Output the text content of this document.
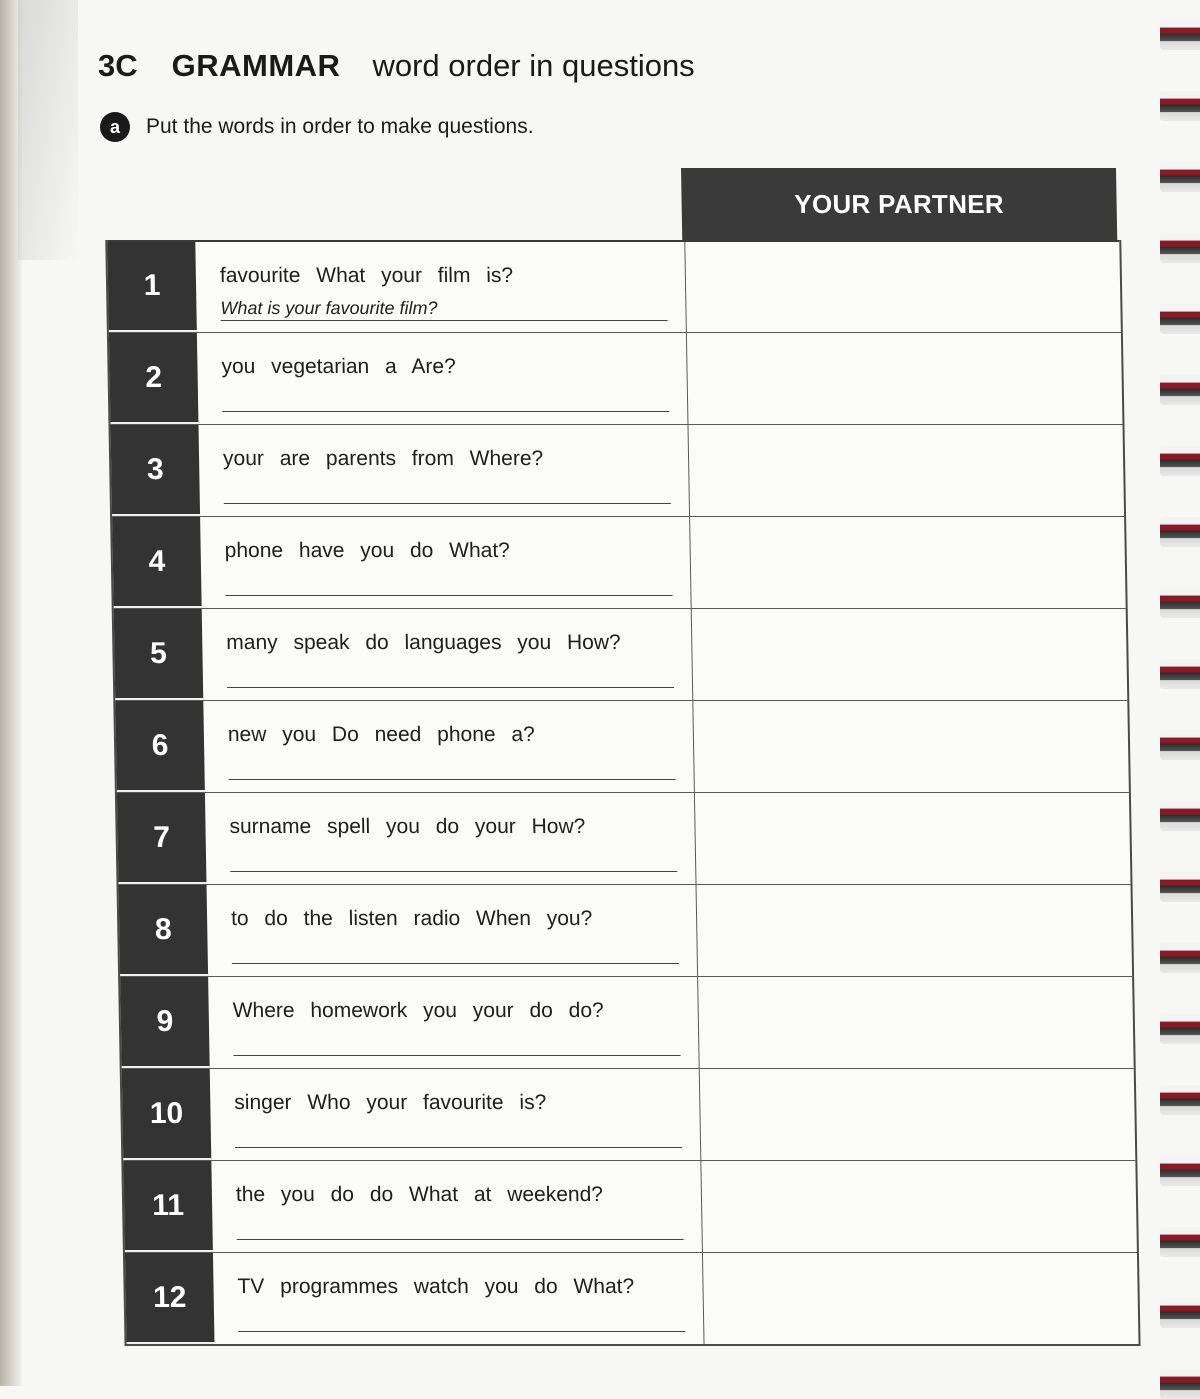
3C GRAMMAR word order in questions
a	Put the words in order to make questions.
YOUR PARTNER
1	favourite What your film is?
What is your favourite film?
2	you vegetarian a Are?
3	your are parents from Where?
4	phone have you do What?
5	many speak do languages you How?
6	new you Do need phone a?
7	surname spell you do your How?
8	to do the listen radio When you?
9	Where homework you your do do?
10	singer Who your favourite is?
11	the you do do What at weekend?
12	TV programmes watch you do What?
